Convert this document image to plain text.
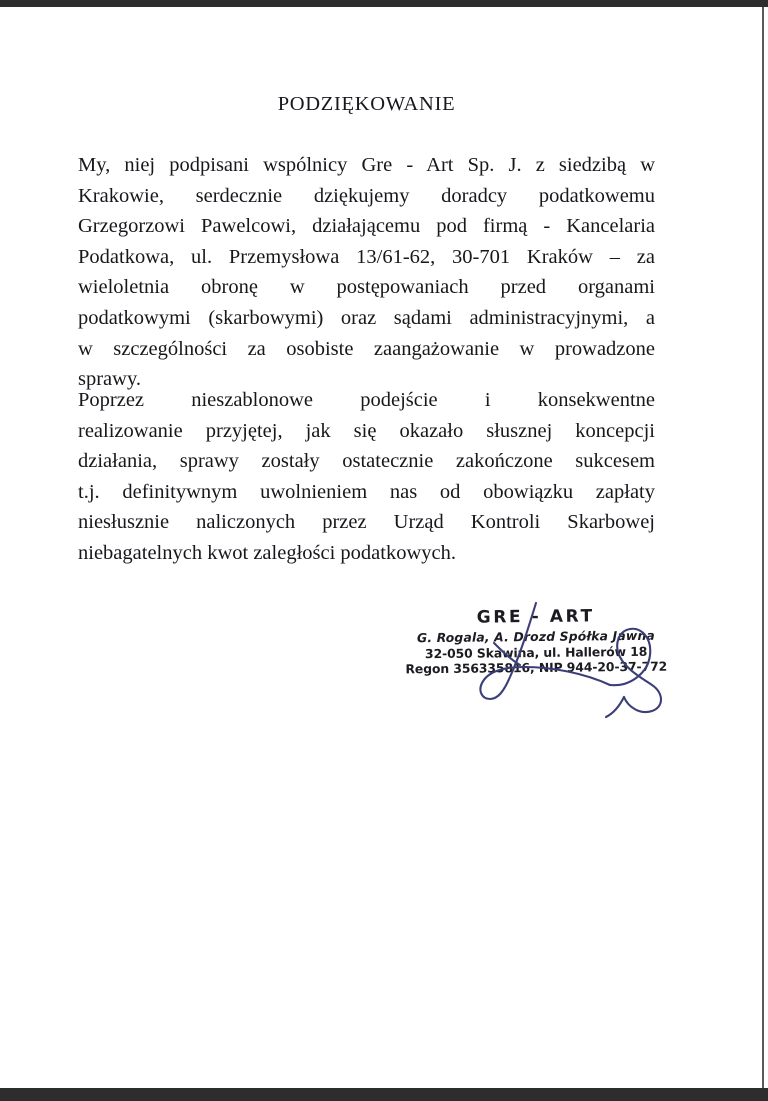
PODZIĘKOWANIE
My, niej podpisani wspólnicy Gre - Art Sp. J. z siedzibą w
Krakowie, serdecznie dziękujemy doradcy podatkowemu
Grzegorzowi Pawelcowi, działającemu pod firmą - Kancelaria
Podatkowa, ul. Przemysłowa 13/61-62, 30-701 Kraków – za
wieloletnia obronę w postępowaniach przed organami
podatkowymi (skarbowymi) oraz sądami administracyjnymi, a
w szczególności za osobiste zaangażowanie w prowadzone
sprawy.
Poprzez nieszablonowe podejście i konsekwentne
realizowanie przyjętej, jak się okazało słusznej koncepcji
działania, sprawy zostały ostatecznie zakończone sukcesem
t.j. definitywnym uwolnieniem nas od obowiązku zapłaty
niesłusznie naliczonych przez Urząd Kontroli Skarbowej
niebagatelnych kwot zaległości podatkowych.
GRE - ART
G. Rogala, A. Drozd Spółka Jawna
32-050 Skawina, ul. Hallerów 18
Regon 356335816, NIP 944-20-37-772
